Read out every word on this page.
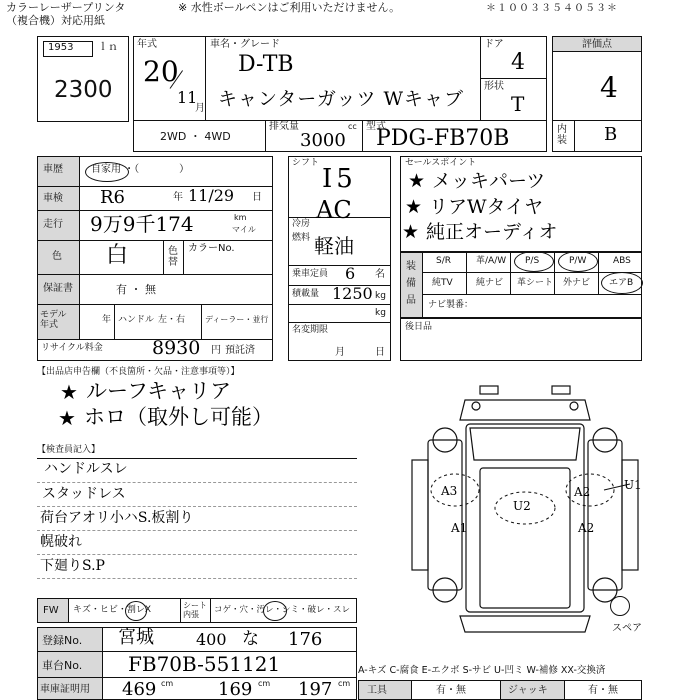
カラーレーザープリンタ
（複合機）対応用紙
※ 水性ボールペンはご利用いただけません。	＊１００３３５４０５３＊
1953 ｌｎ
2300
年式
20
11
月
車名・グレード
D-TB
キャンターガッツ Wキャブ
ドア
4
形状
T
2WD ・ 4WD
排気量
3000
cc 型式
PDG-FB70B
評価点
4
内装 B
車歴	自家用 ・（　　　　）
車検 R6	年 11/29 日
走行 9万9千174	km
マイル
色 白	色替
カラーNo.
保証書	有 ・ 無
モデル年式	年 ハンドル 左・右 ディーラー・並行
リサイクル料金	8930 円 預託済
シフト
I5
冷房 AC
燃料 軽油
乗車定員 6 名
積載量 1250 kg
kg
名変期限
月	日
セールスポイント
★ メッキパーツ
★ リアWタイヤ
★ 純正オーディオ
装備品
S/R	革/A/W P/S	P/W	ABS
純TV	純ナビ 革シート 外ナビ エアB
ナビ製番：
後日品
【出品店申告欄（不良箇所・欠品・注意事項等）】
★ ルーフキャリア
★ ホロ（取外し可能）
【検査員記入】
ハンドルスレ
スタッドレス
荷台アオリ小ハS.板割り
幌破れ
下廻りS.P
A3	A2
U2
A1	A2
U1
スペア
FW キズ・ヒビ・割レX	シート内張	コゲ・穴・汚レ・シミ・破レ・スレ
登録No. 宮城	400 な 176
車台No. FB70B-551121
車庫証明用 469 cm 169 cm 197 cm
A-キズ C-腐食 E-エクボ S-サビ U-凹ミ W-補修 XX-交換済
工具	有・無	ジャッキ	有・無
